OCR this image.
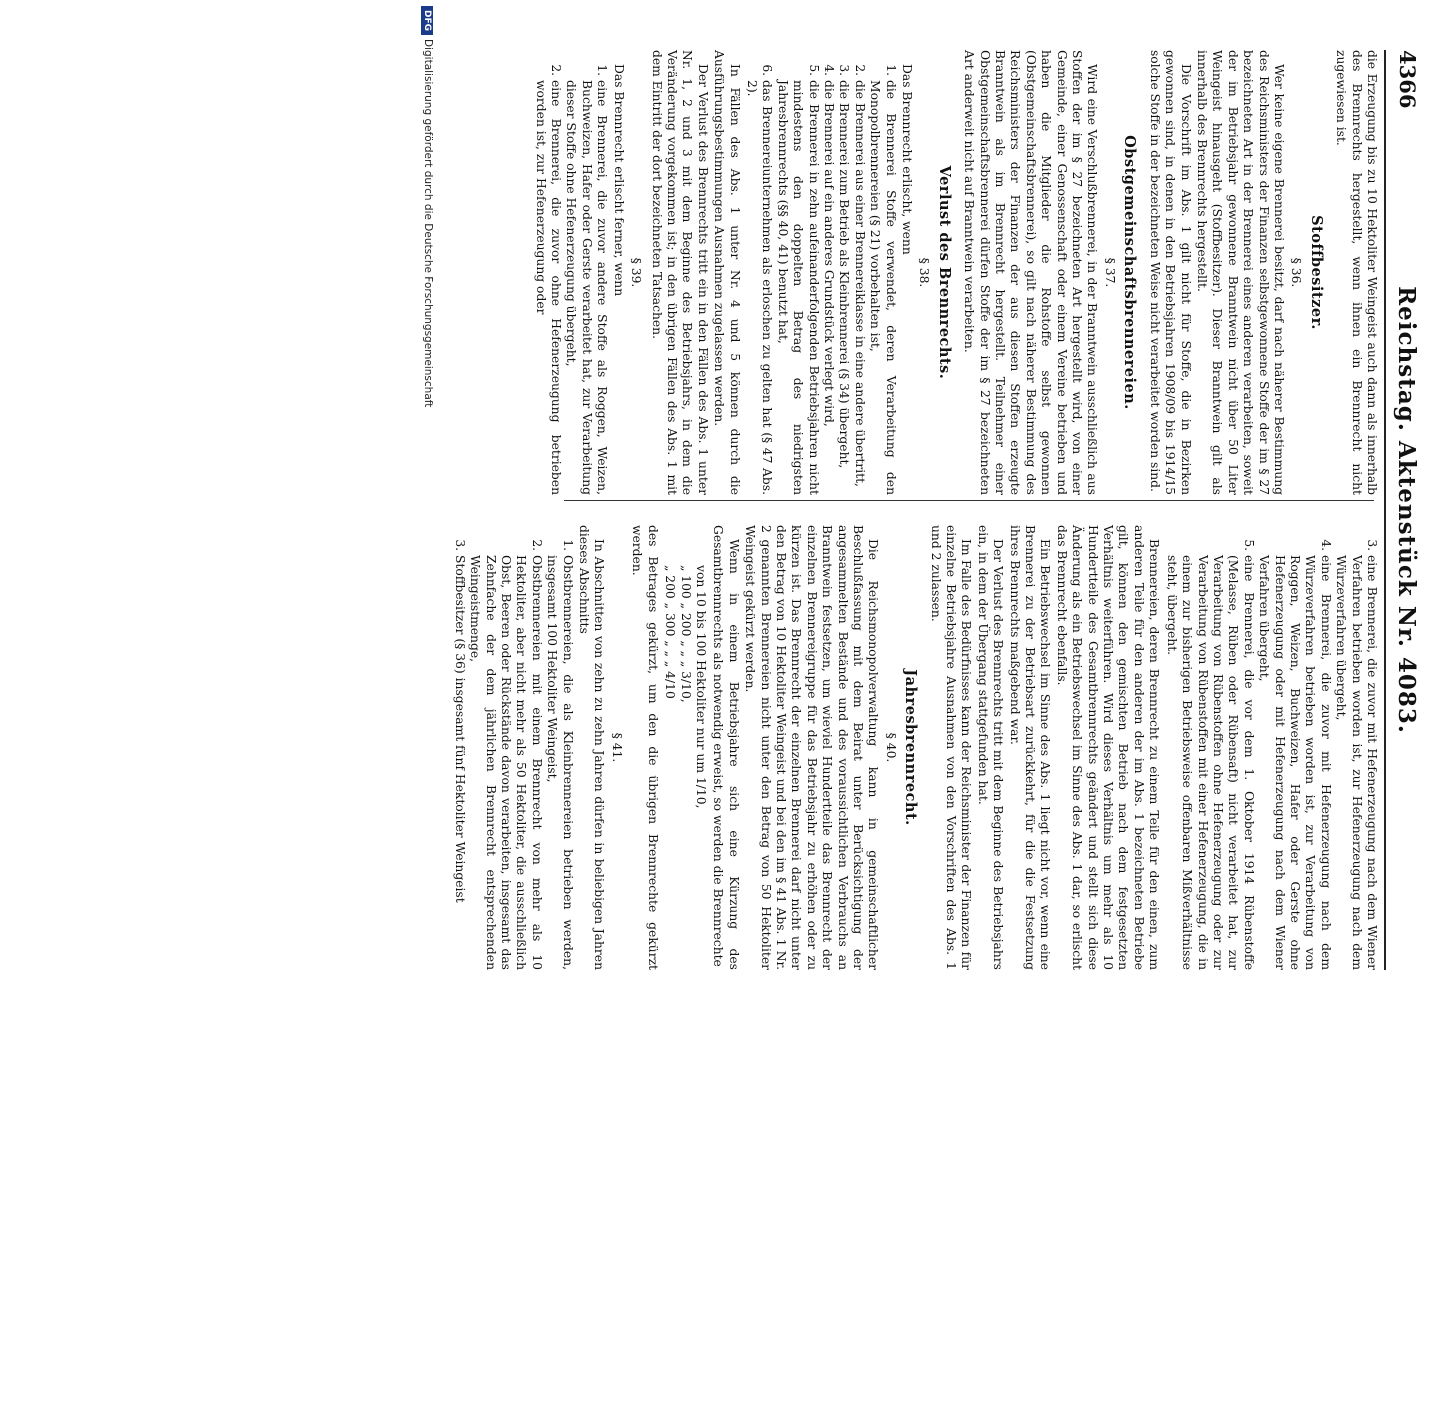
4366
Reichstag. Aktenstück Nr. 4083.

die Erzeugung bis zu 10 Hektoliter Weingeist auch dann als innerhalb des Brennrechts hergestellt, wenn ihnen ein Brennrecht nicht zugewiesen ist.

Stoffbesitzer.
§ 36.

Wer keine eigene Brennerei besitzt, darf nach näherer Bestimmung des Reichsministers der Finanzen selbstgewonnene Stoffe der im § 27 bezeichneten Art in der Brennerei eines anderen verarbeiten, soweit der im Betriebsjahr gewonnene Branntwein nicht über 50 Liter Weingeist hinausgeht (Stoffbesitzer). Dieser Branntwein gilt als innerhalb des Brennrechts hergestellt.

Die Vorschrift im Abs. 1 gilt nicht für Stoffe, die in Bezirken gewonnen sind, in denen in den Betriebsjahren 1908/09 bis 1914/15 solche Stoffe in der bezeichneten Weise nicht verarbeitet worden sind.

Obstgemeinschaftsbrennereien.
§ 37.

Wird eine Verschlußbrennerei, in der Branntwein ausschließlich aus Stoffen der im § 27 bezeichneten Art hergestellt wird, von einer Gemeinde, einer Genossenschaft oder einem Vereine betrieben und haben die Mitglieder die Rohstoffe selbst gewonnen (Obstgemeinschaftsbrennerei), so gilt nach näherer Bestimmung des Reichsministers der Finanzen der aus diesen Stoffen erzeugte Branntwein als im Brennrecht hergestellt. Teilnehmer einer Obstgemeinschaftsbrennerei dürfen Stoffe der im § 27 bezeichneten Art anderweit nicht auf Branntwein verarbeiten.

Verlust des Brennrechts.
§ 38.

Das Brennrecht erlischt, wenn

1. die Brennerei Stoffe verwendet, deren Verarbeitung den Monopolbrennereien (§ 21) vorbehalten ist,
2. die Brennerei aus einer Brennereiklasse in eine andere übertritt,
3. die Brennerei zum Betrieb als Kleinbrennerei (§ 34) übergeht,
4. die Brennerei auf ein anderes Grundstück verlegt wird,
5. die Brennerei in zehn aufeinanderfolgenden Betriebsjahren nicht mindestens den doppelten Betrag des niedrigsten Jahresbrennrechts (§§ 40, 41) benutzt hat,
6. das Brennereiunternehmen als erloschen zu gelten hat (§ 47 Abs. 2).

In Fällen des Abs. 1 unter Nr. 4 und 5 können durch die Ausführungsbestimmungen Ausnahmen zugelassen werden.

Der Verlust des Brennrechts tritt ein in den Fällen des Abs. 1 unter Nr. 1, 2 und 3 mit dem Beginne des Betriebsjahrs, in dem die Veränderung vorgekommen ist; in den übrigen Fällen des Abs. 1 mit dem Eintritt der dort bezeichneten Tatsachen.

§ 39.

Das Brennrecht erlischt ferner, wenn

1. eine Brennerei, die zuvor andere Stoffe als Roggen, Weizen, Buchweizen, Hafer oder Gerste verarbeitet hat, zur Verarbeitung dieser Stoffe ohne Hefenerzeugung übergeht,
2. eine Brennerei, die zuvor ohne Hefenerzeugung betrieben worden ist, zur Hefenerzeugung oder
3. eine Brennerei, die zuvor mit Hefenerzeugung nach dem Wiener Verfahren betrieben worden ist, zur Hefenerzeugung nach dem Würzeverfahren übergeht,
4. eine Brennerei, die zuvor mit Hefenerzeugung nach dem Würzeverfahren betrieben worden ist, zur Verarbeitung von Roggen, Weizen, Buchweizen, Hafer oder Gerste ohne Hefenerzeugung oder mit Hefenerzeugung nach dem Wiener Verfahren übergeht,
5. eine Brennerei, die vor dem 1. Oktober 1914 Rübenstoffe (Melasse, Rüben oder Rübensaft) nicht verarbeitet hat, zur Verarbeitung von Rübenstoffen ohne Hefenerzeugung oder zur Verarbeitung von Rübenstoffen mit einer Hefenerzeugung, die in einem zur bisherigen Betriebsweise offenbaren Mißverhältnisse steht, übergeht.

Brennereien, deren Brennrecht zu einem Teile für den einen, zum anderen Teile für den anderen der im Abs. 1 bezeichneten Betriebe gilt, können den gemischten Betrieb nach dem festgesetzten Verhältnis weiterführen. Wird dieses Verhältnis um mehr als 10 Hundertteile des Gesamtbrennrechts geändert und stellt sich diese Änderung als ein Betriebswechsel im Sinne des Abs. 1 dar, so erlischt das Brennrecht ebenfalls.

Ein Betriebswechsel im Sinne des Abs. 1 liegt nicht vor, wenn eine Brennerei zu der Betriebsart zurückkehrt, für die die Festsetzung ihres Brennrechts maßgebend war.

Der Verlust des Brennrechts tritt mit dem Beginne des Betriebsjahrs ein, in dem der Übergang stattgefunden hat.

Im Falle des Bedürfnisses kann der Reichsminister der Finanzen für einzelne Betriebsjahre Ausnahmen von den Vorschriften des Abs. 1 und 2 zulassen.

Jahresbrennrecht.
§ 40.

Die Reichsmonopolverwaltung kann in gemeinschaftlicher Beschlußfassung mit dem Beirat unter Berücksichtigung der angesammelten Bestände und des voraussichtlichen Verbrauchs an Branntwein festsetzen, um wieviel Hundertteile das Brennrecht der einzelnen Brennereigruppe für das Betriebsjahr zu erhöhen oder zu kürzen ist. Das Brennrecht der einzelnen Brennerei darf nicht unter den Betrag von 10 Hektoliter Weingeist und bei den im § 41 Abs. 1 Nr. 2 genannten Brennereien nicht unter den Betrag von 50 Hektoliter Weingeist gekürzt werden.

Wenn in einem Betriebsjahre sich eine Kürzung des Gesamtbrennrechts als notwendig erweist, so werden die Brennrechte

von 10 bis 100 Hektoliter nur um 1/10,
„ 100 „ 200 „ „ „ 3/10,
„ 200 „ 300 „ „ „ 4/10

des Betrages gekürzt, um den die übrigen Brennrechte gekürzt werden.

§ 41.

In Abschnitten von zehn zu zehn Jahren dürfen in beliebigen Jahren dieses Abschnitts

1. Obstbrennereien, die als Kleinbrennereien betrieben werden, insgesamt 100 Hektoliter Weingeist,
2. Obstbrennereien mit einem Brennrecht von mehr als 10 Hektoliter, aber nicht mehr als 50 Hektoliter, die ausschließlich Obst, Beeren oder Rückstände davon verarbeiten, insgesamt das Zehnfache der dem jährlichen Brennrecht entsprechenden Weingeistmenge,
3. Stoffbesitzer (§ 36) insgesamt fünf Hektoliter Weingeist
DFGDigitalisierung gefördert durch die Deutsche Forschungsgemeinschaft
